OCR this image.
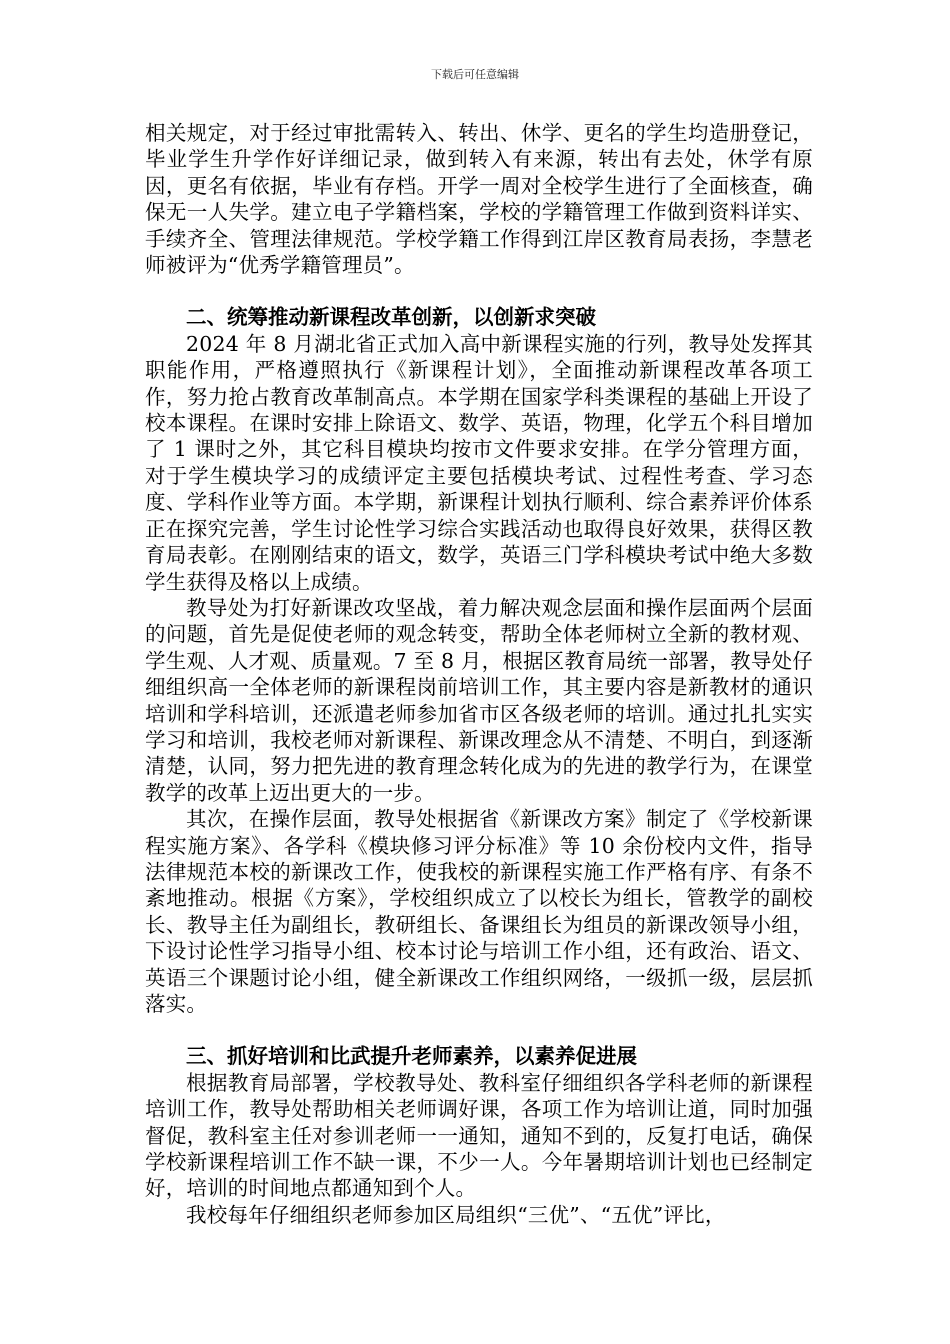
下载后可任意编辑

相关规定，对于经过审批需转入、转出、休学、更名的学生均造册登记，毕业学生升学作好详细记录，做到转入有来源，转出有去处，休学有原因，更名有依据，毕业有存档。开学一周对全校学生进行了全面核查，确保无一人失学。建立电子学籍档案，学校的学籍管理工作做到资料详实、手续齐全、管理法律规范。学校学籍工作得到江岸区教育局表扬，李慧老师被评为“优秀学籍管理员”。

二、统筹推动新课程改革创新，以创新求突破

2024 年 8 月湖北省正式加入高中新课程实施的行列，教导处发挥其职能作用，严格遵照执行《新课程计划》，全面推动新课程改革各项工作，努力抢占教育改革制高点。本学期在国家学科类课程的基础上开设了校本课程。在课时安排上除语文、数学、英语，物理，化学五个科目增加了 1 课时之外，其它科目模块均按市文件要求安排。在学分管理方面，对于学生模块学习的成绩评定主要包括模块考试、过程性考查、学习态度、学科作业等方面。本学期，新课程计划执行顺利、综合素养评价体系正在探究完善，学生讨论性学习综合实践活动也取得良好效果，获得区教育局表彰。在刚刚结束的语文，数学，英语三门学科模块考试中绝大多数学生获得及格以上成绩。

教导处为打好新课改攻坚战，着力解决观念层面和操作层面两个层面的问题，首先是促使老师的观念转变，帮助全体老师树立全新的教材观、学生观、人才观、质量观。7 至 8 月，根据区教育局统一部署，教导处仔细组织高一全体老师的新课程岗前培训工作，其主要内容是新教材的通识培训和学科培训，还派遣老师参加省市区各级老师的培训。通过扎扎实实学习和培训，我校老师对新课程、新课改理念从不清楚、不明白，到逐渐清楚，认同，努力把先进的教育理念转化成为的先进的教学行为，在课堂教学的改革上迈出更大的一步。

其次，在操作层面，教导处根据省《新课改方案》制定了《学校新课程实施方案》、各学科《模块修习评分标准》等 10 余份校内文件，指导法律规范本校的新课改工作，使我校的新课程实施工作严格有序、有条不紊地推动。根据《方案》，学校组织成立了以校长为组长，管教学的副校长、教导主任为副组长，教研组长、备课组长为组员的新课改领导小组，下设讨论性学习指导小组、校本讨论与培训工作小组，还有政治、语文、英语三个课题讨论小组，健全新课改工作组织网络，一级抓一级，层层抓落实。

三、抓好培训和比武提升老师素养，以素养促进展

根据教育局部署，学校教导处、教科室仔细组织各学科老师的新课程培训工作，教导处帮助相关老师调好课，各项工作为培训让道，同时加强督促，教科室主任对参训老师一一通知，通知不到的，反复打电话，确保学校新课程培训工作不缺一课，不少一人。今年暑期培训计划也已经制定好，培训的时间地点都通知到个人。

我校每年仔细组织老师参加区局组织“三优”、“五优”评比，
